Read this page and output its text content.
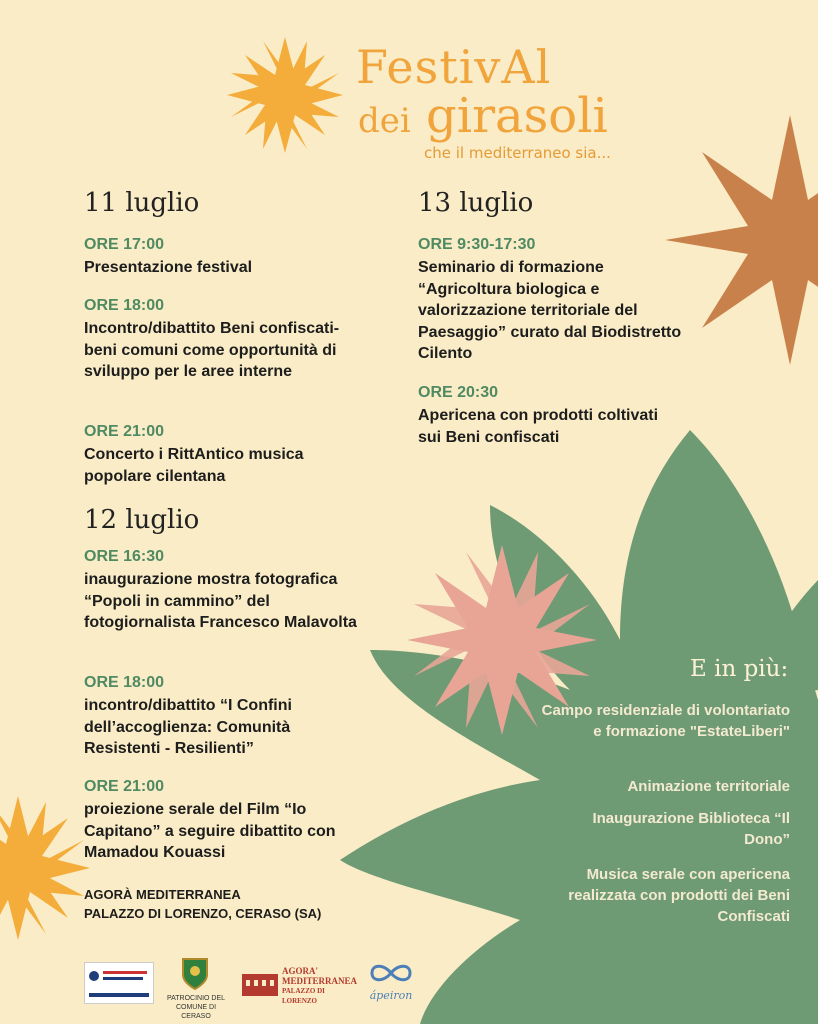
FestivAl
dei girasoli
che il mediterraneo sia...
11 luglio
ORE 17:00
Presentazione festival
ORE 18:00
Incontro/dibattito Beni confiscati-beni comuni come opportunità di sviluppo per le aree interne
ORE 21:00
Concerto i RittAntico musica popolare cilentana
12 luglio
ORE 16:30
inaugurazione mostra fotografica “Popoli in cammino” del fotogiornalista Francesco Malavolta
ORE 18:00
incontro/dibattito “I Confini dell’accoglienza: Comunità Resistenti - Resilienti”
ORE 21:00
proiezione serale del Film “Io Capitano” a seguire dibattito con Mamadou Kouassi
13 luglio
ORE 9:30-17:30
Seminario di formazione “Agricoltura biologica e valorizzazione territoriale del Paesaggio” curato dal Biodistretto Cilento
ORE 20:30
Apericena con prodotti coltivati sui Beni confiscati
AGORÀ MEDITERRANEA
PALAZZO DI LORENZO, CERASO (SA)
E in più:
Campo residenziale di volontariato e formazione "EstateLiberi"
Animazione territoriale
Inaugurazione Biblioteca “Il Dono”
Musica serale con apericena realizzata con prodotti dei Beni Confiscati
PATROCINIO DEL
COMUNE DI CERASO
AGORA'
MEDITERRANEA
PALAZZO DI LORENZO	ápeiron
